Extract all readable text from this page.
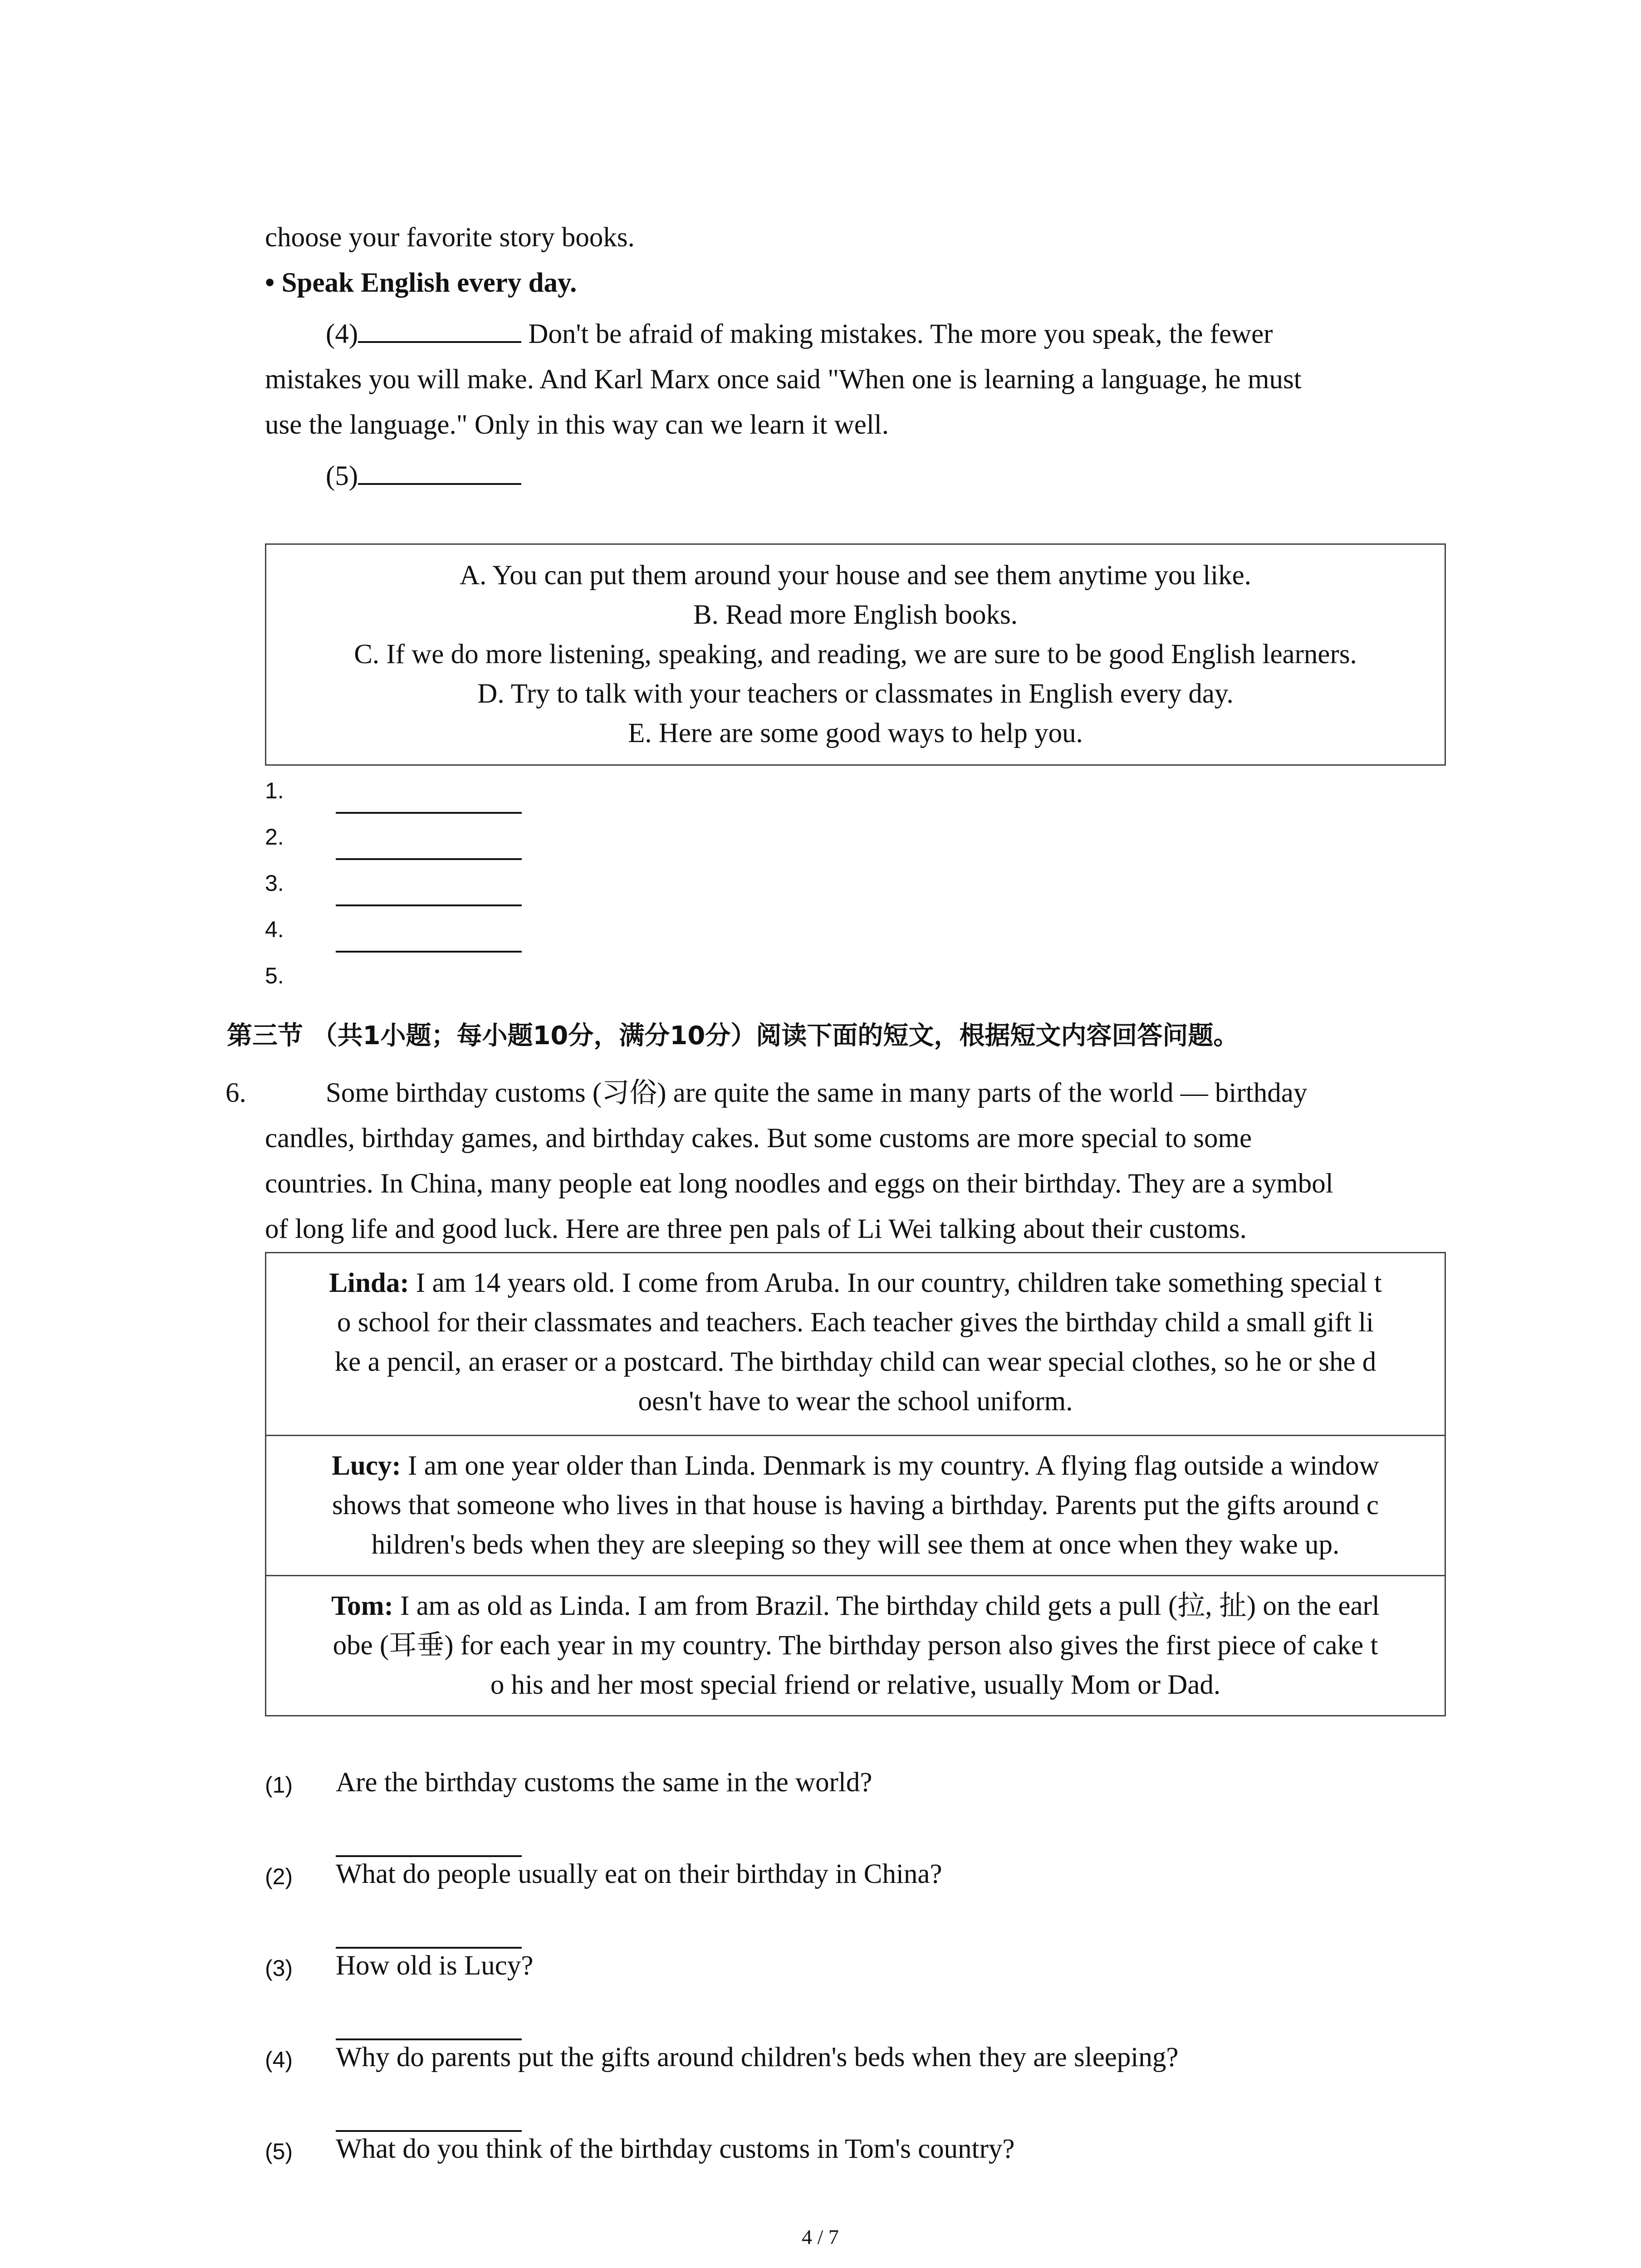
choose your favorite story books.
• Speak English every day.
(4)	Don't be afraid of making mistakes. The more you speak, the fewer
mistakes you will make. And Karl Marx once said "When one is learning a language, he must
use the language." Only in this way can we learn it well.
(5)
A. You can put them around your house and see them anytime you like.
B. Read more English books.
C. If we do more listening, speaking, and reading, we are sure to be good English learners.
D. Try to talk with your teachers or classmates in English every day.
E. Here are some good ways to help you.
1.
2.
3.
4.
5.
第三节 （共1小题；每小题10分，满分10分）阅读下面的短文，根据短文内容回答问题。
6.	Some birthday customs (习俗) are quite the same in many parts of the world — birthday
candles, birthday games, and birthday cakes. But some customs are more special to some
countries. In China, many people eat long noodles and eggs on their birthday. They are a symbol
of long life and good luck. Here are three pen pals of Li Wei talking about their customs.
Linda: I am 14 years old. I come from Aruba. In our country, children take something special t
o school for their classmates and teachers. Each teacher gives the birthday child a small gift li
ke a pencil, an eraser or a postcard. The birthday child can wear special clothes, so he or she d
oesn't have to wear the school uniform.
Lucy: I am one year older than Linda. Denmark is my country. A flying flag outside a window
shows that someone who lives in that house is having a birthday. Parents put the gifts around c
hildren's beds when they are sleeping so they will see them at once when they wake up.
Tom: I am as old as Linda. I am from Brazil. The birthday child gets a pull (拉, 扯) on the earl
obe (耳垂) for each year in my country. The birthday person also gives the first piece of cake t
o his and her most special friend or relative, usually Mom or Dad.
(1) Are the birthday customs the same in the world?
(2) What do people usually eat on their birthday in China?
(3) How old is Lucy?
(4) Why do parents put the gifts around children's beds when they are sleeping?
(5) What do you think of the birthday customs in Tom's country?
4 / 7
